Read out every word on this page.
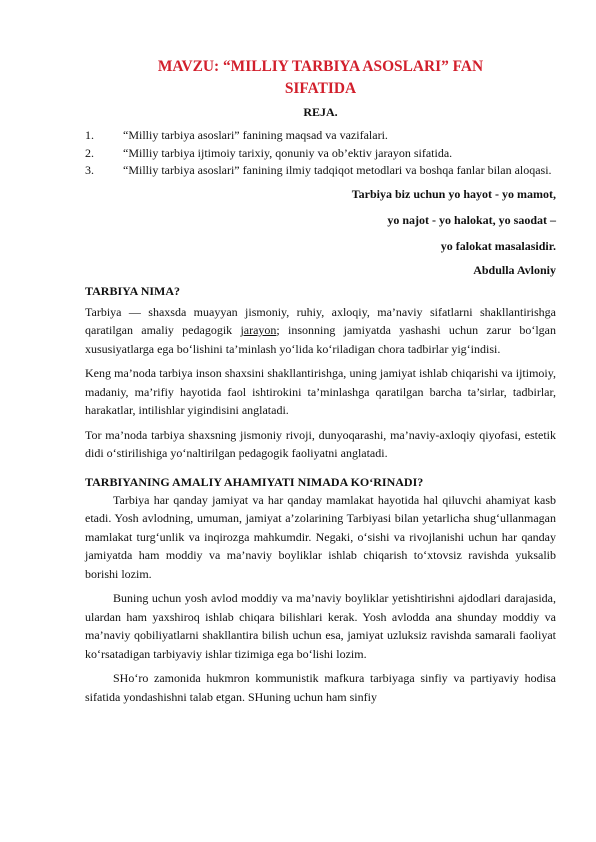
MAVZU: “MILLIY TARBIYA ASOSLARI” FAN
SIFATIDA
REJA.
1. “Milliy tarbiya asoslari” fanining maqsad va vazifalari.
2. “Milliy tarbiya ijtimoiy tarixiy, qonuniy va ob’ektiv jarayon sifatida.
3. “Milliy tarbiya asoslari” fanining ilmiy tadqiqot metodlari va boshqa fanlar bilan aloqasi.
Tarbiya biz uchun yo hayot - yo mamot,
yo najot - yo halokat, yo saodat –
yo falokat masalasidir.
Abdulla Avloniy
TARBIYA NIMA?

Tarbiya — shaxsda muayyan jismoniy, ruhiy, axloqiy, ma’naviy sifatlarni shakllantirishga qaratilgan amaliy pedagogik jarayon; insonning jamiyatda yashashi uchun zarur bo‘lgan xususiyatlarga ega bo‘lishini ta’minlash yo‘lida ko‘riladigan chora tadbirlar yig‘indisi.

Keng ma’noda tarbiya inson shaxsini shakllantirishga, uning jamiyat ishlab chiqarishi va ijtimoiy, madaniy, ma’rifiy hayotida faol ishtirokini ta’minlashga qaratilgan barcha ta’sirlar, tadbirlar, harakatlar, intilishlar yigindisini anglatadi.

Tor ma’noda tarbiya shaxsning jismoniy rivoji, dunyoqarashi, ma’naviy-axloqiy qiyofasi, estetik didi o‘stirilishiga yo‘naltirilgan pedagogik faoliyatni anglatadi.

TARBIYANING AMALIY AHAMIYATI NIMADA KO‘RINADI?

Tarbiya har qanday jamiyat va har qanday mamlakat hayotida hal qiluvchi ahamiyat kasb etadi. Yosh avlodning, umuman, jamiyat a’zolarining Tarbiyasi bilan yetarlicha shug‘ullanmagan mamlakat turg‘unlik va inqirozga mahkumdir. Negaki, o‘sishi va rivojlanishi uchun har qanday jamiyatda ham moddiy va ma’naviy boyliklar ishlab chiqarish to‘xtovsiz ravishda yuksalib borishi lozim.

Buning uchun yosh avlod moddiy va ma’naviy boyliklar yetishtirishni ajdodlari darajasida, ulardan ham yaxshiroq ishlab chiqara bilishlari kerak. Yosh avlodda ana shunday moddiy va ma’naviy qobiliyatlarni shakllantira bilish uchun esa, jamiyat uzluksiz ravishda samarali faoliyat ko‘rsatadigan tarbiyaviy ishlar tizimiga ega bo‘lishi lozim.

SHo‘ro zamonida hukmron kommunistik mafkura tarbiyaga sinfiy va partiyaviy hodisa sifatida yondashishni talab etgan. SHuning uchun ham sinfiy
